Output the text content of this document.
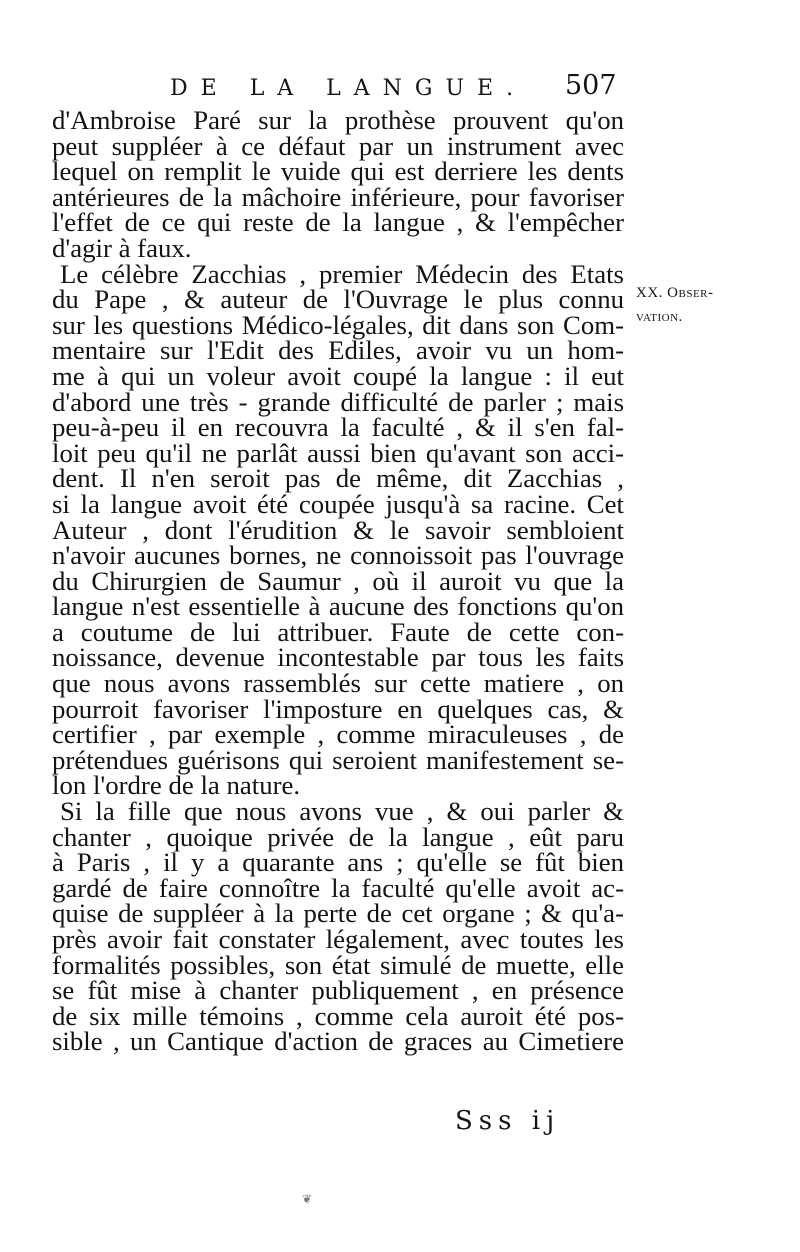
DE LA LANGUE. 507
XX. Obser-
vation.
d'Ambroise Paré sur la prothèse prouvent qu'on
peut suppléer à ce défaut par un instrument avec
lequel on remplit le vuide qui est derriere les dents
antérieures de la mâchoire inférieure, pour favoriser
l'effet de ce qui reste de la langue , & l'empêcher
d'agir à faux.
Le célèbre Zacchias , premier Médecin des Etats
du Pape , & auteur de l'Ouvrage le plus connu
sur les questions Médico-légales, dit dans son Com-
mentaire sur l'Edit des Ediles, avoir vu un hom-
me à qui un voleur avoit coupé la langue : il eut
d'abord une très - grande difficulté de parler ; mais
peu-à-peu il en recouvra la faculté , & il s'en fal-
loit peu qu'il ne parlât aussi bien qu'avant son acci-
dent. Il n'en seroit pas de même, dit Zacchias ,
si la langue avoit été coupée jusqu'à sa racine. Cet
Auteur , dont l'érudition & le savoir sembloient
n'avoir aucunes bornes, ne connoissoit pas l'ouvrage
du Chirurgien de Saumur , où il auroit vu que la
langue n'est essentielle à aucune des fonctions qu'on
a coutume de lui attribuer. Faute de cette con-
noissance, devenue incontestable par tous les faits
que nous avons rassemblés sur cette matiere , on
pourroit favoriser l'imposture en quelques cas, &
certifier , par exemple , comme miraculeuses , de
prétendues guérisons qui seroient manifestement se-
lon l'ordre de la nature.
Si la fille que nous avons vue , & oui parler &
chanter , quoique privée de la langue , eût paru
à Paris , il y a quarante ans ; qu'elle se fût bien
gardé de faire connoître la faculté qu'elle avoit ac-
quise de suppléer à la perte de cet organe ; & qu'a-
près avoir fait constater légalement, avec toutes les
formalités possibles, son état simulé de muette, elle
se fût mise à chanter publiquement , en présence
de six mille témoins , comme cela auroit été pos-
sible , un Cantique d'action de graces au Cimetiere
Sss ij
❦
